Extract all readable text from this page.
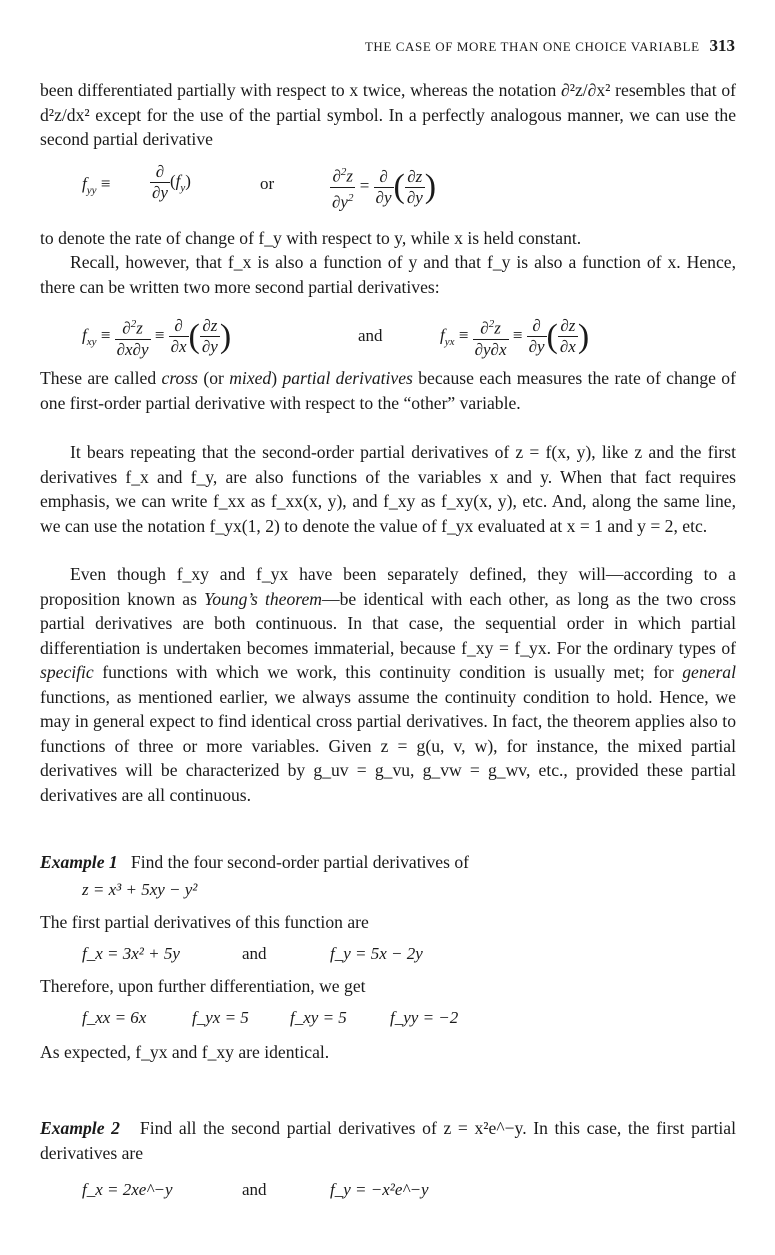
THE CASE OF MORE THAN ONE CHOICE VARIABLE 313

been differentiated partially with respect to x twice, whereas the notation ∂²z/∂x² resembles that of d²z/dx² except for the use of the partial symbol. In a perfectly analogous manner, we can use the second partial derivative

$f_{yy} \equiv \frac{\partial}{\partial y} (f_y)$	or	$\frac{\partial^2z}{\partial y^2} = \frac{\partial}{\partial y}$ ( $\frac{\partial z}{\partial y}$ )

to denote the rate of change of f_y with respect to y, while x is held constant.

Recall, however, that f_x is also a function of y and that f_y is also a function of x. Hence, there can be written two more second partial derivatives:

$f_{xy} \equiv \frac{\partial^2z}{\partial x\partial y} \equiv \frac{\partial}{\partial x}$ ( $\frac{\partial z}{\partial y}$ )	and	$f_{yx} \equiv \frac{\partial^2z}{\partial y\partial x} \equiv \frac{\partial}{\partial y}$ ( $\frac{\partial z}{\partial x}$ )

These are called cross (or mixed) partial derivatives because each measures the rate of change of one first-order partial derivative with respect to the “other” variable.

It bears repeating that the second-order partial derivatives of z = f(x, y), like z and the first derivatives f_x and f_y, are also functions of the variables x and y. When that fact requires emphasis, we can write f_xx as f_xx(x, y), and f_xy as f_xy(x, y), etc. And, along the same line, we can use the notation f_yx(1, 2) to denote the value of f_yx evaluated at x = 1 and y = 2, etc.

Even though f_xy and f_yx have been separately defined, they will—according to a proposition known as Young’s theorem—be identical with each other, as long as the two cross partial derivatives are both continuous. In that case, the sequential order in which partial differentiation is undertaken becomes immaterial, because f_xy = f_yx. For the ordinary types of specific functions with which we work, this continuity condition is usually met; for general functions, as mentioned earlier, we always assume the continuity condition to hold. Hence, we may in general expect to find identical cross partial derivatives. In fact, the theorem applies also to functions of three or more variables. Given z = g(u, v, w), for instance, the mixed partial derivatives will be characterized by g_uv = g_vu, g_vw = g_wv, etc., provided these partial derivatives are all continuous.

Example 1 Find the four second-order partial derivatives of

z = x³ + 5xy − y²

The first partial derivatives of this function are

f_x = 3x² + 5y	and	f_y = 5x − 2y

Therefore, upon further differentiation, we get

f_xx = 6x	f_yx = 5 f_xy = 5	f_yy = −2

As expected, f_yx and f_xy are identical.

Example 2 Find all the second partial derivatives of z = x²e^−y. In this case, the first partial derivatives are

f_x = 2xe^−y	and	f_y = −x²e^−y
